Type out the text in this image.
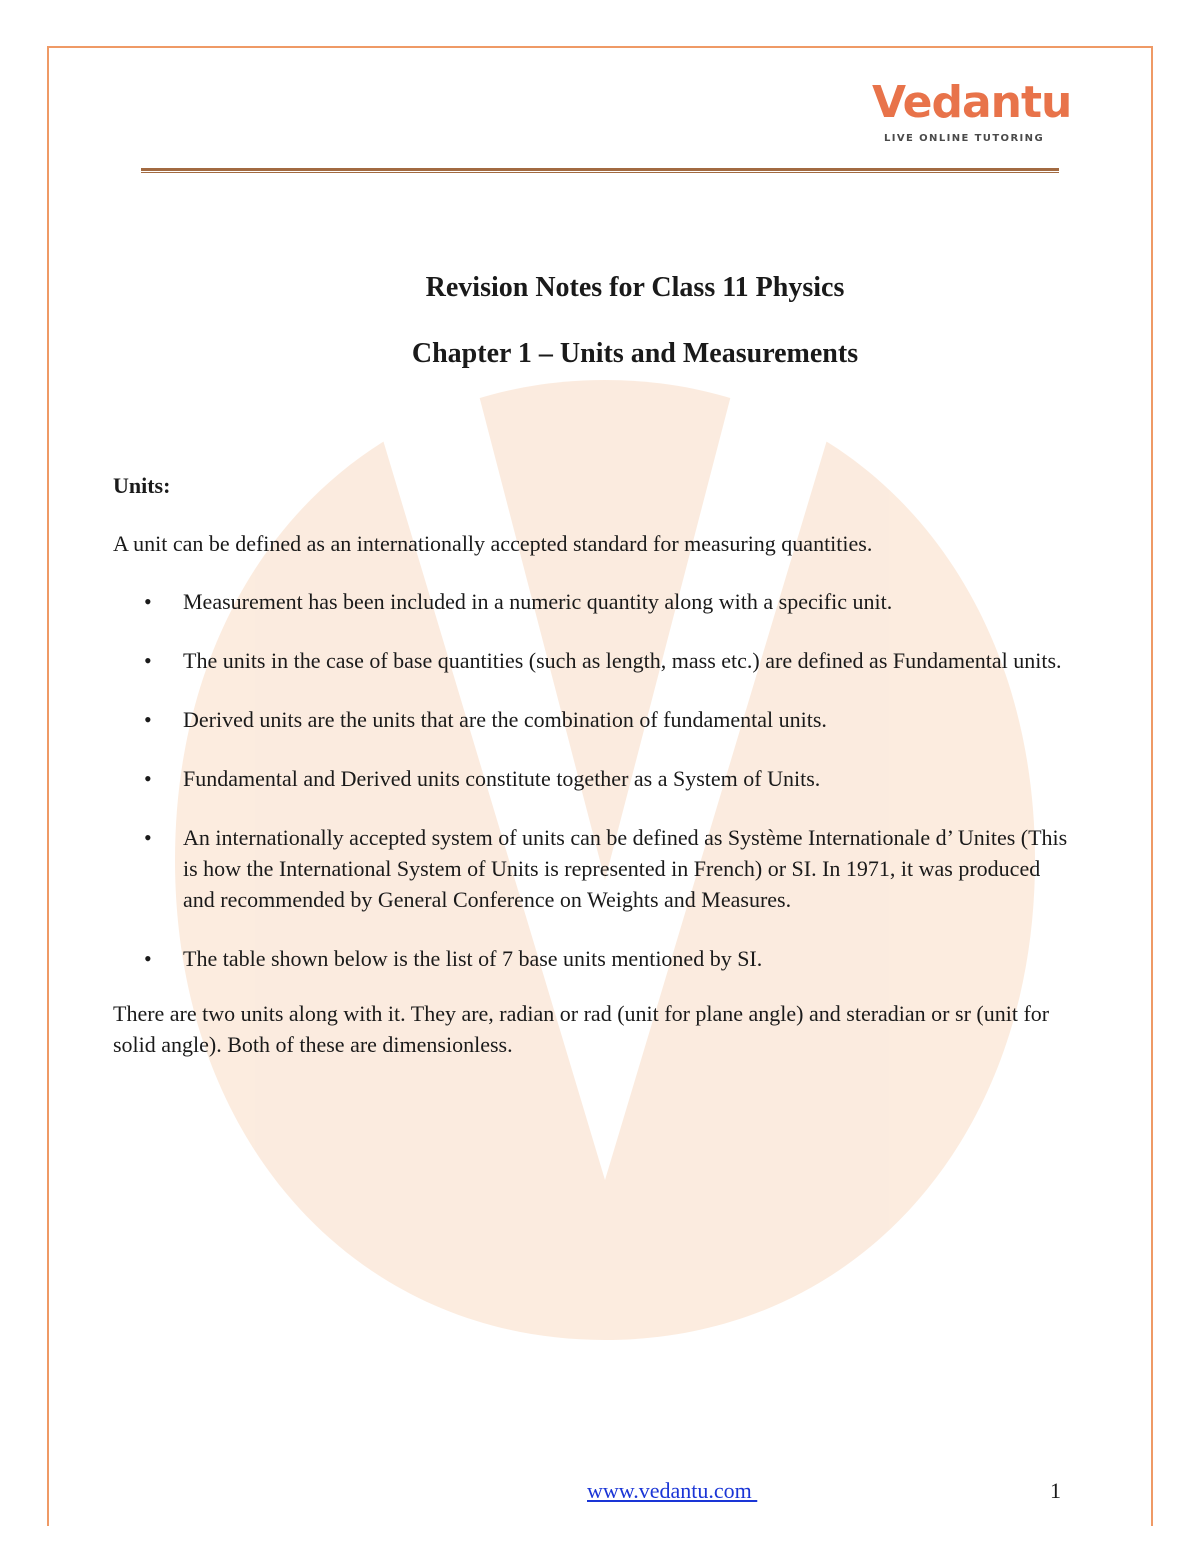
Vedantu
LIVE ONLINE TUTORING
Revision Notes for Class 11 Physics
Chapter 1 – Units and Measurements

Units:

A unit can be defined as an internationally accepted standard for measuring quantities.

• Measurement has been included in a numeric quantity along with a specific unit.
• The units in the case of base quantities (such as length, mass etc.) are defined as Fundamental units.
• Derived units are the units that are the combination of fundamental units.
• Fundamental and Derived units constitute together as a System of Units.
• An internationally accepted system of units can be defined as Système Internationale d’ Unites (This is how the International System of Units is represented in French) or SI. In 1971, it was produced and recommended by General Conference on Weights and Measures.
• The table shown below is the list of 7 base units mentioned by SI.

There are two units along with it. They are, radian or rad (unit for plane angle) and steradian or sr (unit for solid angle). Both of these are dimensionless.

www.vedantu.com	1
